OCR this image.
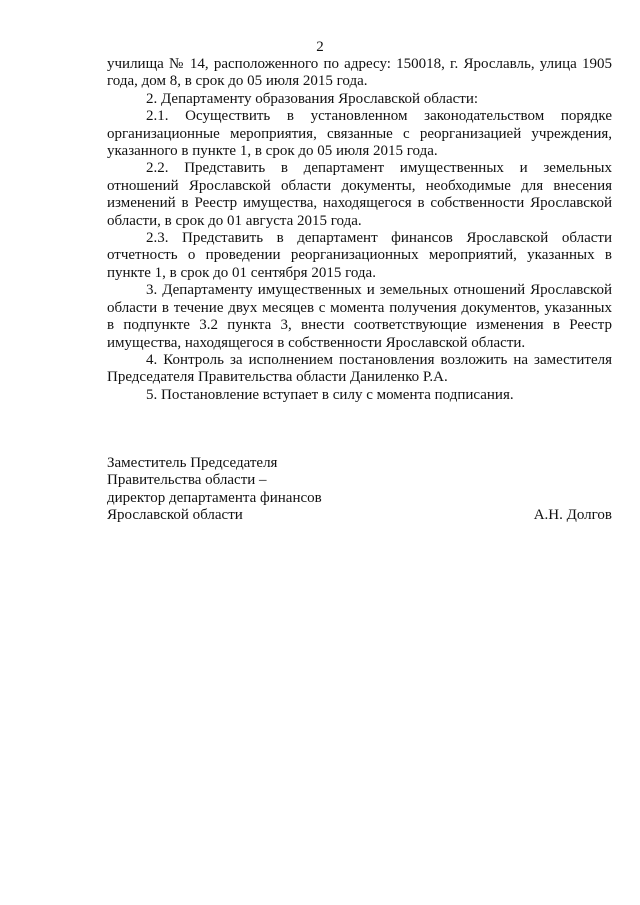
2

училища № 14, расположенного по адресу: 150018, г. Ярославль, улица 1905 года, дом 8, в срок до 05 июля 2015 года.

2. Департаменту образования Ярославской области:

2.1. Осуществить в установленном законодательством порядке организационные мероприятия, связанные с реорганизацией учреждения, указанного в пункте 1, в срок до 05 июля 2015 года.

2.2. Представить в департамент имущественных и земельных отношений Ярославской области документы, необходимые для внесения изменений в Реестр имущества, находящегося в собственности Ярославской области, в срок до 01 августа 2015 года.

2.3. Представить в департамент финансов Ярославской области отчетность о проведении реорганизационных мероприятий, указанных в пункте 1, в срок до 01 сентября 2015 года.

3. Департаменту имущественных и земельных отношений Ярославской области в течение двух месяцев с момента получения документов, указанных в подпункте 3.2 пункта 3, внести соответствующие изменения в Реестр имущества, находящегося в собственности Ярославской области.

4. Контроль за исполнением постановления возложить на заместителя Председателя Правительства области Даниленко Р.А.

5. Постановление вступает в силу с момента подписания.

Заместитель Председателя
Правительства области –
директор департамента финансов
Ярославской области	А.Н. Долгов
